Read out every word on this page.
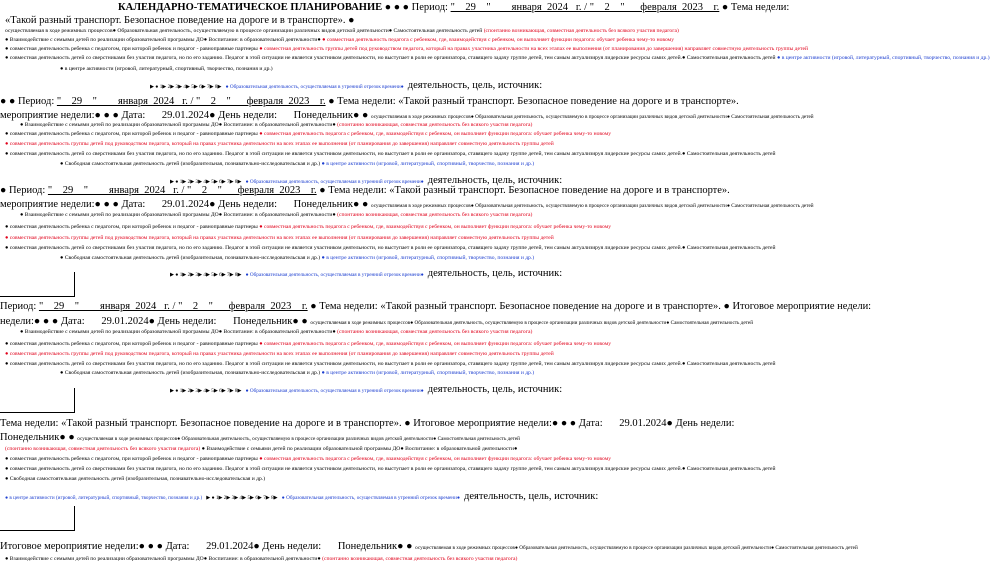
КАЛЕНДАРНО-ТЕМАТИЧЕСКОЕ ПЛАНИРОВАНИЕ ● ● ● Период: "__29__"____января_2024_ г. / "__2__"___февраля_2023__г. ● Тема недели:
«Такой разный транспорт. Безопасное поведение на дороге и в транспорте». ●
осуществляемая в ходе режимных процессов● Образовательная деятельность, осуществляемую в процессе организации различных видов детской деятельности● Самостоятельная деятельность детей (спонтанно возникающая, совместная деятельность без всякого участия педагога)
● Взаимодействие с семьями детей по реализации образовательной программы ДО● Воспитание: в образовательной деятельности● ● совместная деятельность педагога с ребенком, где, взаимодействуя с ребенком, он выполняет функции педагога: обучает ребенка чему-то новому
● совместная деятельность ребенка с педагогом, при которой ребенок и педагог - равноправные партнеры ● совместная деятельность группы детей под руководством педагога, который на правах участника деятельности на всех этапах ее выполнения (от планирования до завершения) направляет совместную деятельность группы детей
● совместная деятельность детей со сверстниками без участия педагога, но по его заданию. Педагог в этой ситуации не является участником деятельности, но выступает в роли ее организатора, ставящего задачу группе детей, тем самым актуализируя лидерские ресурсы самих детей.● Самостоятельная деятельность детей ● в центре активности (игровой, литературный, спортивный, творчество, познания и др.)
● в центре активности (игровой, литературный, спортивный, творчество, познания и др.)
▶ ● 1▶ 2▶ 3▶ 4▶ 5▶ 6▶ 7▶ 8▶ ● Образовательная деятельность, осуществляемая в утренний отрезок времени● деятельность, цель, источник:
● ● Период: "__29__"____января_2024_ г. / "__2__"___февраля_2023__г. ● Тема недели: «Такой разный транспорт. Безопасное поведение на дороге и в транспорте».
мероприятие недели:● ● ● Дата: 29.01.2024● День недели: Понедельник● ● осуществляемая в ходе режимных процессов● Образовательная деятельность, осуществляемую в процессе организации различных видов детской деятельности● Самостоятельная деятельность детей
● Взаимодействие с семьями детей по реализации образовательной программы ДО● Воспитание: в образовательной деятельности● (спонтанно возникающая, совместная деятельность без всякого участия педагога)
● совместная деятельность ребенка с педагогом, при которой ребенок и педагог - равноправные партнеры ● совместная деятельность педагога с ребенком, где, взаимодействуя с ребенком, он выполняет функции педагога: обучает ребенка чему-то новому
● совместная деятельность группы детей под руководством педагога, который на правах участника деятельности на всех этапах ее выполнения (от планирования до завершения) направляет совместную деятельность группы детей
● совместная деятельность детей со сверстниками без участия педагога, но по его заданию. Педагог в этой ситуации не является участником деятельности, но выступает в роли ее организатора, ставящего задачу группе детей, тем самым актуализируя лидерские ресурсы самих детей.● Самостоятельная деятельность детей
● Свободная самостоятельная деятельность детей (изобразительная, познавательно-исследовательская и др.) ● в центре активности (игровой, литературный, спортивный, творчество, познания и др.)
▶ ● 1▶ 2▶ 3▶ 4▶ 5▶ 6▶ 7▶ 8▶ ● Образовательная деятельность, осуществляемая в утренний отрезок времени● деятельность, цель, источник:
● Период: "__29__"____января_2024_ г. / "__2__"___февраля_2023__г. ● Тема недели: «Такой разный транспорт. Безопасное поведение на дороге и в транспорте».
мероприятие недели:● ● ● Дата: 29.01.2024● День недели: Понедельник● ● осуществляемая в ходе режимных процессов● Образовательная деятельность, осуществляемую в процессе организации различных видов детской деятельности● Самостоятельная деятельность детей
● Взаимодействие с семьями детей по реализации образовательной программы ДО● Воспитание: в образовательной деятельности● (спонтанно возникающая, совместная деятельность без всякого участия педагога)
● совместная деятельность ребенка с педагогом, при которой ребенок и педагог - равноправные партнеры ● совместная деятельность педагога с ребенком, где, взаимодействуя с ребенком, он выполняет функции педагога: обучает ребенка чему-то новому
● совместная деятельность группы детей под руководством педагога, который на правах участника деятельности на всех этапах ее выполнения (от планирования до завершения) направляет совместную деятельность группы детей
● совместная деятельность детей со сверстниками без участия педагога, но по его заданию. Педагог в этой ситуации не является участником деятельности, но выступает в роли ее организатора, ставящего задачу группе детей, тем самым актуализируя лидерские ресурсы самих детей.● Самостоятельная деятельность детей
● Свободная самостоятельная деятельность детей (изобразительная, познавательно-исследовательская и др.) ● в центре активности (игровой, литературный, спортивный, творчество, познания и др.)
▶ ● 1▶ 2▶ 3▶ 4▶ 5▶ 6▶ 7▶ 8▶ ● Образовательная деятельность, осуществляемая в утренний отрезок времени● деятельность, цель, источник:
Период: "__29__"____января_2024_ г. / "__2__"___февраля_2023__г. ● Тема недели: «Такой разный транспорт. Безопасное поведение на дороге и в транспорте». ● Итоговое мероприятие недели:
недели:● ● ● Дата: 29.01.2024● День недели: Понедельник● ● осуществляемая в ходе режимных процессов● Образовательная деятельность, осуществляемую в процессе организации различных видов детской деятельности● Самостоятельная деятельность детей
● Взаимодействие с семьями детей по реализации образовательной программы ДО● Воспитание: в образовательной деятельности● (спонтанно возникающая, совместная деятельность без всякого участия педагога)
● совместная деятельность ребенка с педагогом, при которой ребенок и педагог - равноправные партнеры ● совместная деятельность педагога с ребенком, где, взаимодействуя с ребенком, он выполняет функции педагога: обучает ребенка чему-то новому
● совместная деятельность группы детей под руководством педагога, который на правах участника деятельности на всех этапах ее выполнения (от планирования до завершения) направляет совместную деятельность группы детей
● совместная деятельность детей со сверстниками без участия педагога, но по его заданию. Педагог в этой ситуации не является участником деятельности, но выступает в роли ее организатора, ставящего задачу группе детей, тем самым актуализируя лидерские ресурсы самих детей.● Самостоятельная деятельность детей
● Свободная самостоятельная деятельность детей (изобразительная, познавательно-исследовательская и др.) ● в центре активности (игровой, литературный, спортивный, творчество, познания и др.)
▶ ● 1▶ 2▶ 3▶ 4▶ 5▶ 6▶ 7▶ 8▶ ● Образовательная деятельность, осуществляемая в утренний отрезок времени● деятельность, цель, источник:
Тема недели: «Такой разный транспорт. Безопасное поведение на дороге и в транспорте». ● Итоговое мероприятие недели:● ● ● Дата: 29.01.2024● День недели:
Понедельник● ● осуществляемая в ходе режимных процессов● Образовательная деятельность, осуществляемую в процессе организации различных видов детской деятельности● Самостоятельная деятельность детей
(спонтанно возникающая, совместная деятельность без всякого участия педагога) ● Взаимодействие с семьями детей по реализации образовательной программы ДО● Воспитание: в образовательной деятельности●
● совместная деятельность ребенка с педагогом, при которой ребенок и педагог - равноправные партнеры ● совместная деятельность педагога с ребенком, где, взаимодействуя с ребенком, он выполняет функции педагога: обучает ребенка чему-то новому
● совместная деятельность детей со сверстниками без участия педагога, но по его заданию. Педагог в этой ситуации не является участником деятельности, но выступает в роли ее организатора, ставящего задачу группе детей, тем самым актуализируя лидерские ресурсы самих детей.● Самостоятельная деятельность детей
● Свободная самостоятельная деятельность детей (изобразительная, познавательно-исследовательская и др.)
● в центре активности (игровой, литературный, спортивный, творчество, познания и др.) ▶ ● 1▶ 2▶ 3▶ 4▶ 5▶ 6▶ 7▶ 8▶ ● Образовательная деятельность, осуществляемая в утренний отрезок времени● деятельность, цель, источник:
Итоговое мероприятие недели:● ● ● Дата: 29.01.2024● День недели: Понедельник● ● осуществляемая в ходе режимных процессов● Образовательная деятельность, осуществляемую в процессе организации различных видов детской деятельности● Самостоятельная деятельность детей
● Взаимодействие с семьями детей по реализации образовательной программы ДО● Воспитание: в образовательной деятельности● (спонтанно возникающая, совместная деятельность без всякого участия педагога)
